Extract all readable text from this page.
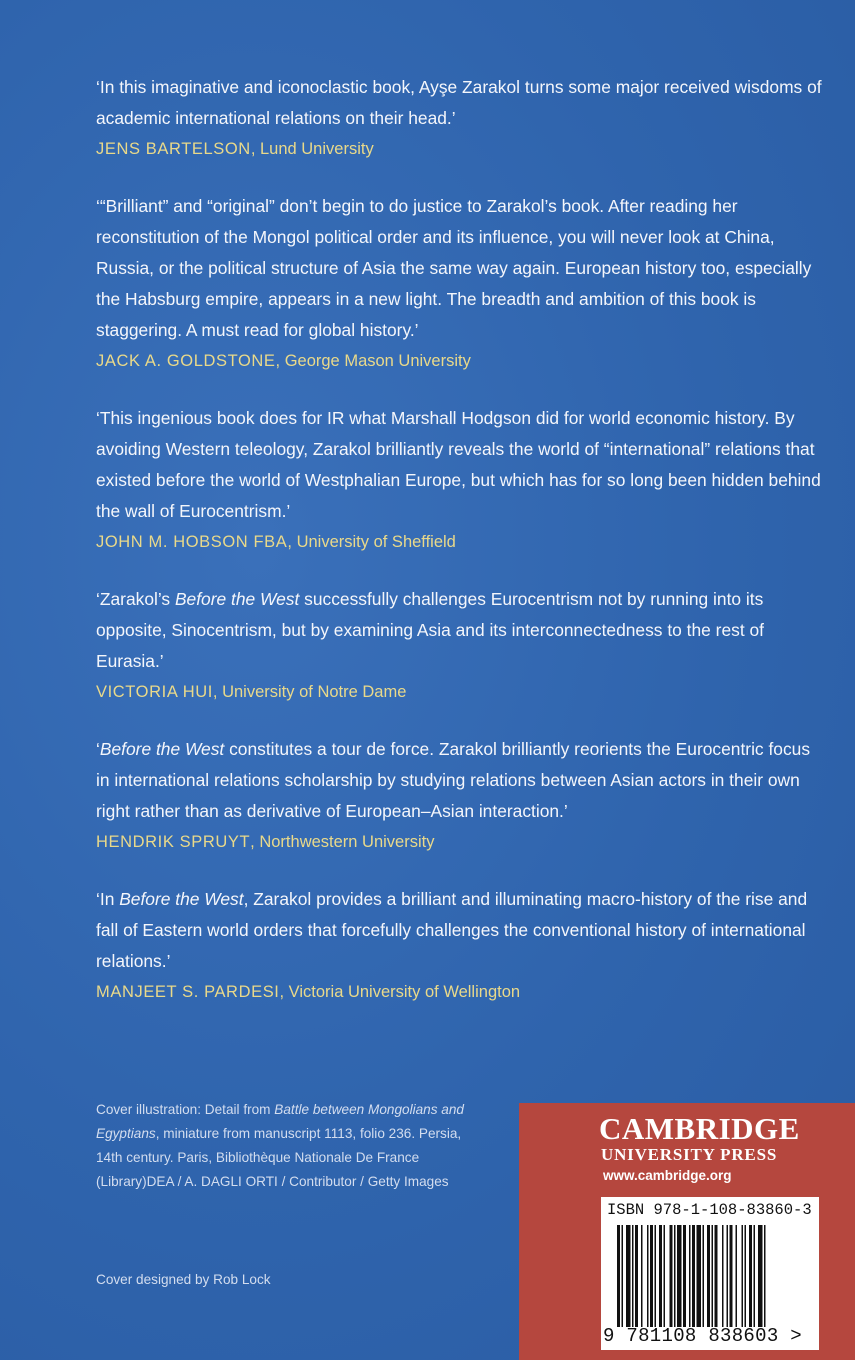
‘In this imaginative and iconoclastic book, Ayşe Zarakol turns some major received wisdoms of academic international relations on their head.’

JENS BARTELSON, Lund University

‘“Brilliant” and “original” don’t begin to do justice to Zarakol’s book. After reading her reconstitution of the Mongol political order and its influence, you will never look at China, Russia, or the political structure of Asia the same way again. European history too, especially the Habsburg empire, appears in a new light. The breadth and ambition of this book is staggering. A must read for global history.’

JACK A. GOLDSTONE, George Mason University

‘This ingenious book does for IR what Marshall Hodgson did for world economic history. By avoiding Western teleology, Zarakol brilliantly reveals the world of “international” relations that existed before the world of Westphalian Europe, but which has for so long been hidden behind the wall of Eurocentrism.’

JOHN M. HOBSON FBA, University of Sheffield

‘Zarakol’s Before the West successfully challenges Eurocentrism not by running into its opposite, Sinocentrism, but by examining Asia and its interconnectedness to the rest of Eurasia.’

VICTORIA HUI, University of Notre Dame

‘Before the West constitutes a tour de force. Zarakol brilliantly reorients the Eurocentric focus in international relations scholarship by studying relations between Asian actors in their own right rather than as derivative of European–Asian interaction.’

HENDRIK SPRUYT, Northwestern University

‘In Before the West, Zarakol provides a brilliant and illuminating macro-history of the rise and fall of Eastern world orders that forcefully challenges the conventional history of international relations.’

MANJEET S. PARDESI, Victoria University of Wellington

Cover illustration: Detail from Battle between Mongolians and Egyptians, miniature from manuscript 1113, folio 236. Persia, 14th century. Paris, Bibliothèque Nationale De France (Library)DEA / A. DAGLI ORTI / Contributor / Getty Images
Cover designed by Rob Lock
CAMBRIDGE
UNIVERSITY PRESS
www.cambridge.org
ISBN 978-1-108-83860-3
9 781108 838603 >
